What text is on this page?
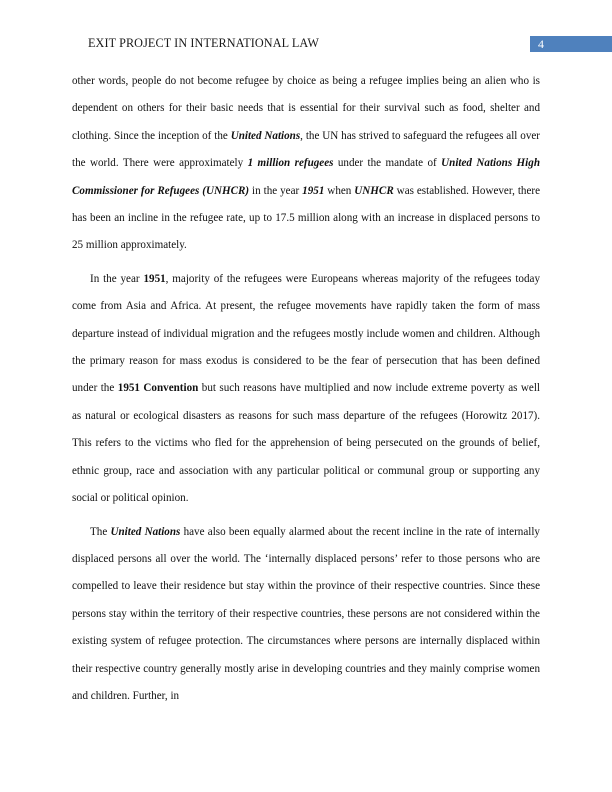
EXIT PROJECT IN INTERNATIONAL LAW	4

other words, people do not become refugee by choice as being a refugee implies being an alien who is dependent on others for their basic needs that is essential for their survival such as food, shelter and clothing. Since the inception of the United Nations, the UN has strived to safeguard the refugees all over the world. There were approximately 1 million refugees under the mandate of United Nations High Commissioner for Refugees (UNHCR) in the year 1951 when UNHCR was established. However, there has been an incline in the refugee rate, up to 17.5 million along with an increase in displaced persons to 25 million approximately.

In the year 1951, majority of the refugees were Europeans whereas majority of the refugees today come from Asia and Africa. At present, the refugee movements have rapidly taken the form of mass departure instead of individual migration and the refugees mostly include women and children. Although the primary reason for mass exodus is considered to be the fear of persecution that has been defined under the 1951 Convention but such reasons have multiplied and now include extreme poverty as well as natural or ecological disasters as reasons for such mass departure of the refugees (Horowitz 2017). This refers to the victims who fled for the apprehension of being persecuted on the grounds of belief, ethnic group, race and association with any particular political or communal group or supporting any social or political opinion.

The United Nations have also been equally alarmed about the recent incline in the rate of internally displaced persons all over the world. The ‘internally displaced persons’ refer to those persons who are compelled to leave their residence but stay within the province of their respective countries. Since these persons stay within the territory of their respective countries, these persons are not considered within the existing system of refugee protection. The circumstances where persons are internally displaced within their respective country generally mostly arise in developing countries and they mainly comprise women and children. Further, in
